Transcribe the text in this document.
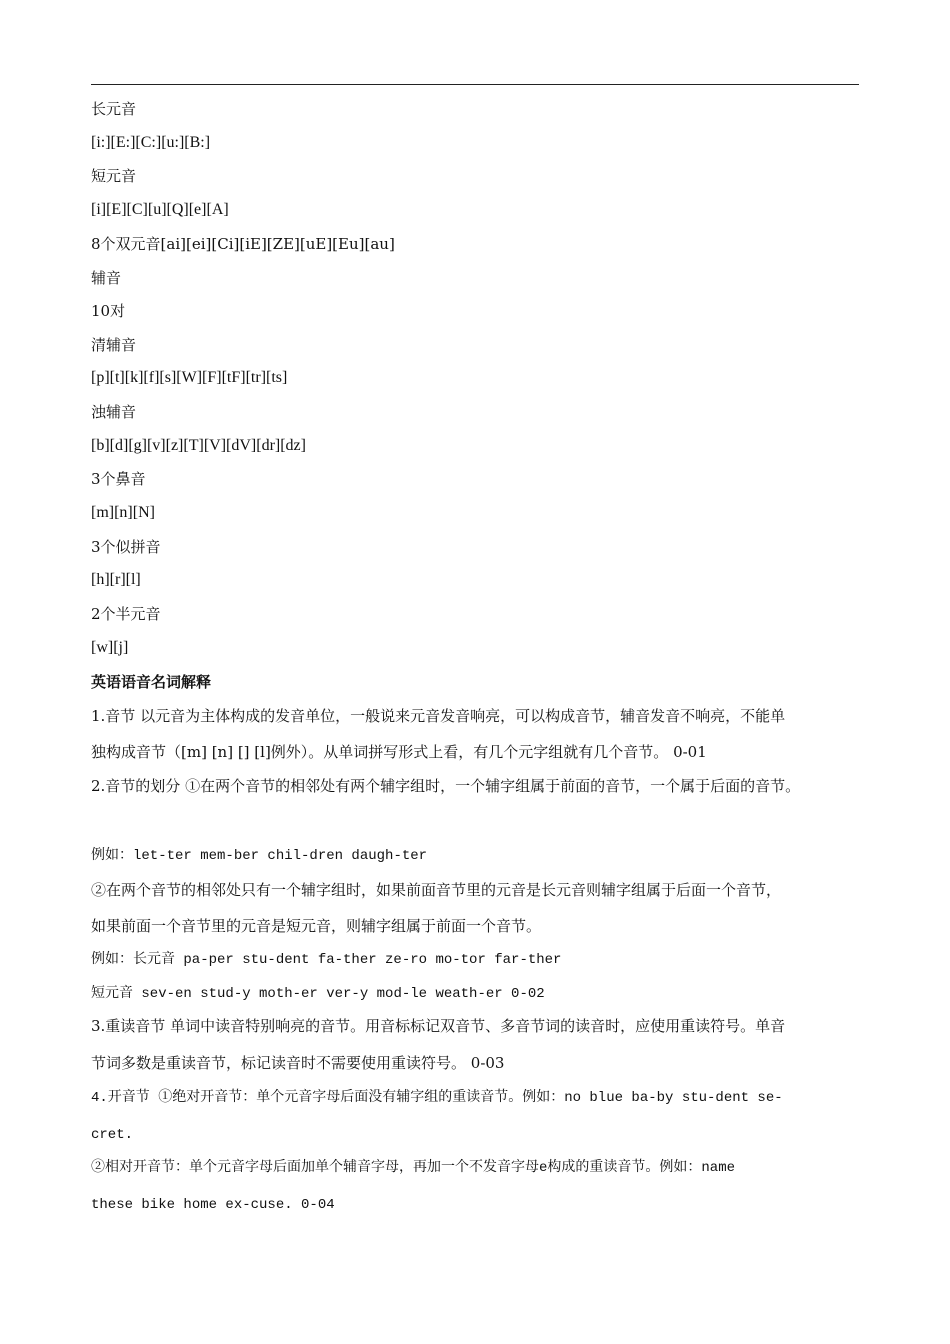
长元音
[i:][E:][C:][u:][B:]
短元音
[i][E][C][u][Q][e][A]
8个双元音[ai][ei][Ci][iE][ZE][uE][Eu][au]
辅音
10对
清辅音
[p][t][k][f][s][W][F][tF][tr][ts]
浊辅音
[b][d][g][v][z][T][V][dV][dr][dz]
3个鼻音
[m][n][N]
3个似拼音
[h][r][l]
2个半元音
[w][j]
英语语音名词解释
1.音节 以元音为主体构成的发音单位，一般说来元音发音响亮，可以构成音节，辅音发音不响亮，不能单
独构成音节（[m] [n] [] [l]例外）。从单词拼写形式上看，有几个元字组就有几个音节。 0-01
2.音节的划分 ①在两个音节的相邻处有两个辅字组时，一个辅字组属于前面的音节，一个属于后面的音节。
例如：let-ter mem-ber chil-dren daugh-ter
②在两个音节的相邻处只有一个辅字组时，如果前面音节里的元音是长元音则辅字组属于后面一个音节，
如果前面一个音节里的元音是短元音，则辅字组属于前面一个音节。
例如：长元音 pa-per stu-dent fa-ther ze-ro mo-tor far-ther
短元音 sev-en stud-y moth-er ver-y mod-le weath-er 0-02
3.重读音节 单词中读音特别响亮的音节。用音标标记双音节、多音节词的读音时，应使用重读符号。单音
节词多数是重读音节，标记读音时不需要使用重读符号。 0-03
4.开音节 ①绝对开音节：单个元音字母后面没有辅字组的重读音节。例如：no blue ba-by stu-dent se-
cret.
②相对开音节：单个元音字母后面加单个辅音字母，再加一个不发音字母e构成的重读音节。例如：name
these bike home ex-cuse. 0-04
